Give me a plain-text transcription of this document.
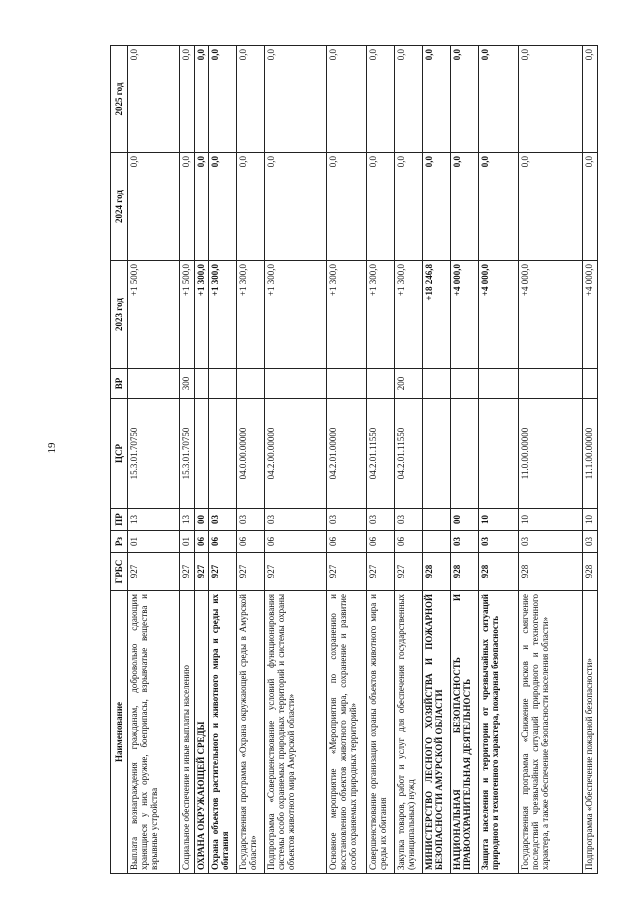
19
Наименование	ГРБС	Рз	ПР	ЦСР	ВР	2023 год	2024 год	2025 год
Выплата вознаграждения гражданам, добровольно сдающим хранящиеся у них оружие, боеприпасы, взрывчатые вещества и взрывные устройства	927	01	13	15.3.01.70750		+1 500,0	0,0	0,0
Социальное обеспечение и иные выплаты населению	927	01	13	15.3.01.70750	300	+1 500,0	0,0	0,0
ОХРАНА ОКРУЖАЮЩЕЙ СРЕДЫ	927	06	00			+1 300,0	0,0	0,0
Охрана объектов растительного и животного мира и среды их обитания	927	06	03			+1 300,0	0,0	0,0
Государственная программа «Охрана окружающей среды в Амурской области»	927	06	03	04.0.00.00000		+1 300,0	0,0	0,0
Подпрограмма «Совершенствование условий функционирования системы особо охраняемых природных территорий и системы охраны объектов животного мира Амурской области»	927	06	03	04.2.00.00000		+1 300,0	0,0	0,0
Основное мероприятие «Мероприятия по сохранению и восстановлению объектов животного мира, сохранение и развитие особо охраняемых природных территорий»	927	06	03	04.2.01.00000		+1 300,0	0,0	0,0
Совершенствование организации охраны объектов животного мира и среды их обитания	927	06	03	04.2.01.11550		+1 300,0	0,0	0,0
Закупка товаров, работ и услуг для обеспечения государственных (муниципальных) нужд	927	06	03	04.2.01.11550	200	+1 300,0	0,0	0,0
МИНИСТЕРСТВО ЛЕСНОГО ХОЗЯЙСТВА И ПОЖАРНОЙ БЕЗОПАСНОСТИ АМУРСКОЙ ОБЛАСТИ	928					+18 246,8	0,0	0,0
НАЦИОНАЛЬНАЯ БЕЗОПАСНОСТЬ И ПРАВООХРАНИТЕЛЬНАЯ ДЕЯТЕЛЬНОСТЬ	928	03	00			+4 000,0	0,0	0,0
Защита населения и территории от чрезвычайных ситуаций природного и техногенного характера, пожарная безопасность	928	03	10			+4 000,0	0,0	0,0
Государственная программа «Снижение рисков и смягчение последствий чрезвычайных ситуаций природного и техногенного характера, а также обеспечение безопасности населения области»	928	03	10	11.0.00.00000		+4 000,0	0,0	0,0
Подпрограмма «Обеспечение пожарной безопасности»	928	03	10	11.1.00.00000		+4 000,0	0,0	0,0
